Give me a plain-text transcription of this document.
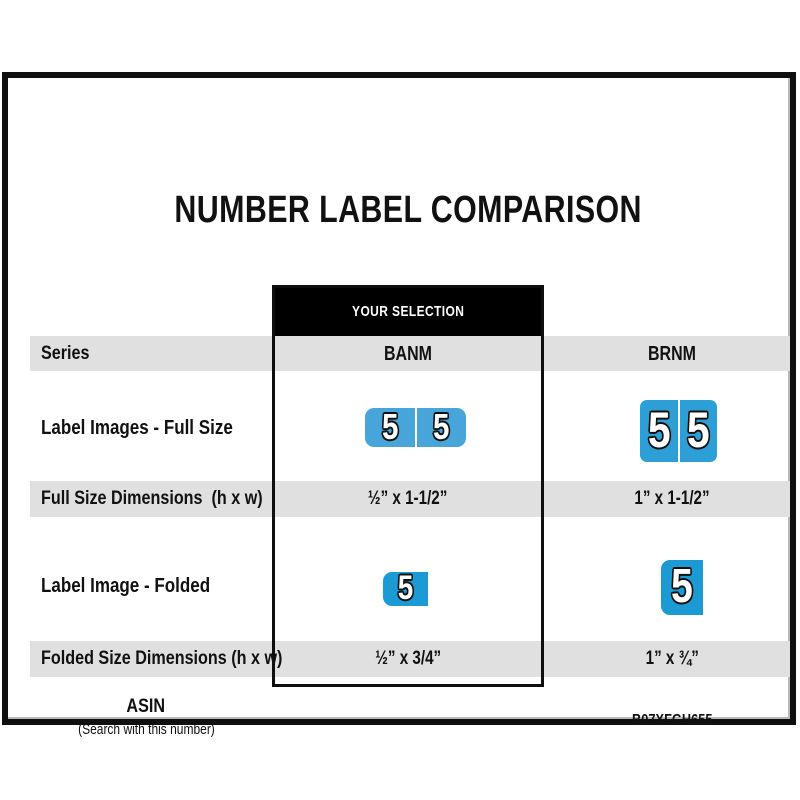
NUMBER LABEL COMPARISON
YOUR SELECTION
Series
Label Images - Full Size
Full Size Dimensions  (h x w)
Label Image - Folded
Folded Size Dimensions (h x w)
ASIN
(Search with this number)
BANM
½” x 1-1/2”
½” x 3/4”
BRNM
1” x 1-1/2”
1” x ¾”
B07XFGH655
5 5	5 5
5	5
